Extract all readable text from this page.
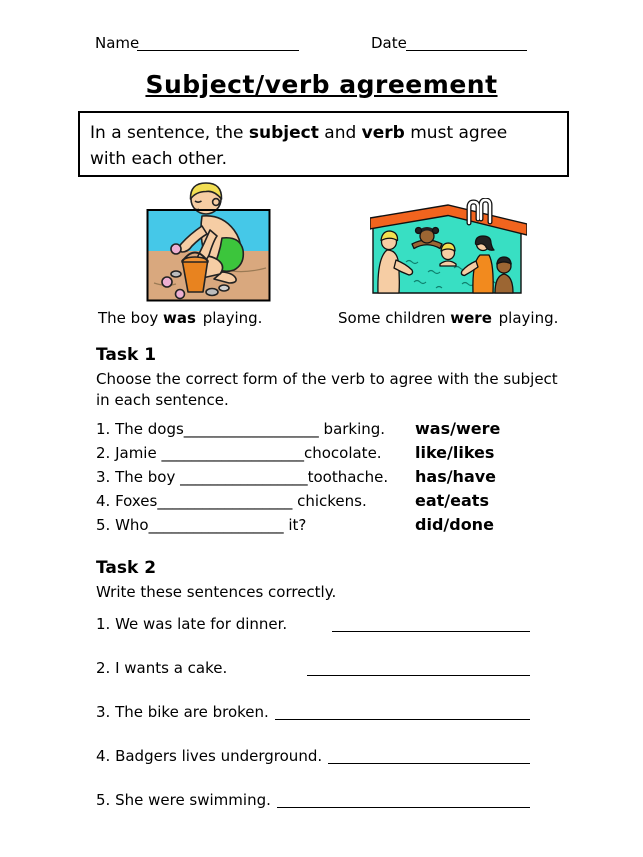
Name	Date
Subject/verb agreement
In a sentence, the subject and verb must agree
with each other.
The boy was playing.	Some children were playing.

Task 1

Choose the correct form of the verb to agree with the subject
in each sentence.

1. The dogs__________________ barking. was/were
2. Jamie ___________________chocolate. like/likes
3. The boy _________________toothache. has/have
4. Foxes__________________ chickens.	eat/eats
5. Who__________________ it?	did/done

Task 2

Write these sentences correctly.

1. We was late for dinner.
2. I wants a cake.
3. The bike are broken.
4. Badgers lives underground.
5. She were swimming.
